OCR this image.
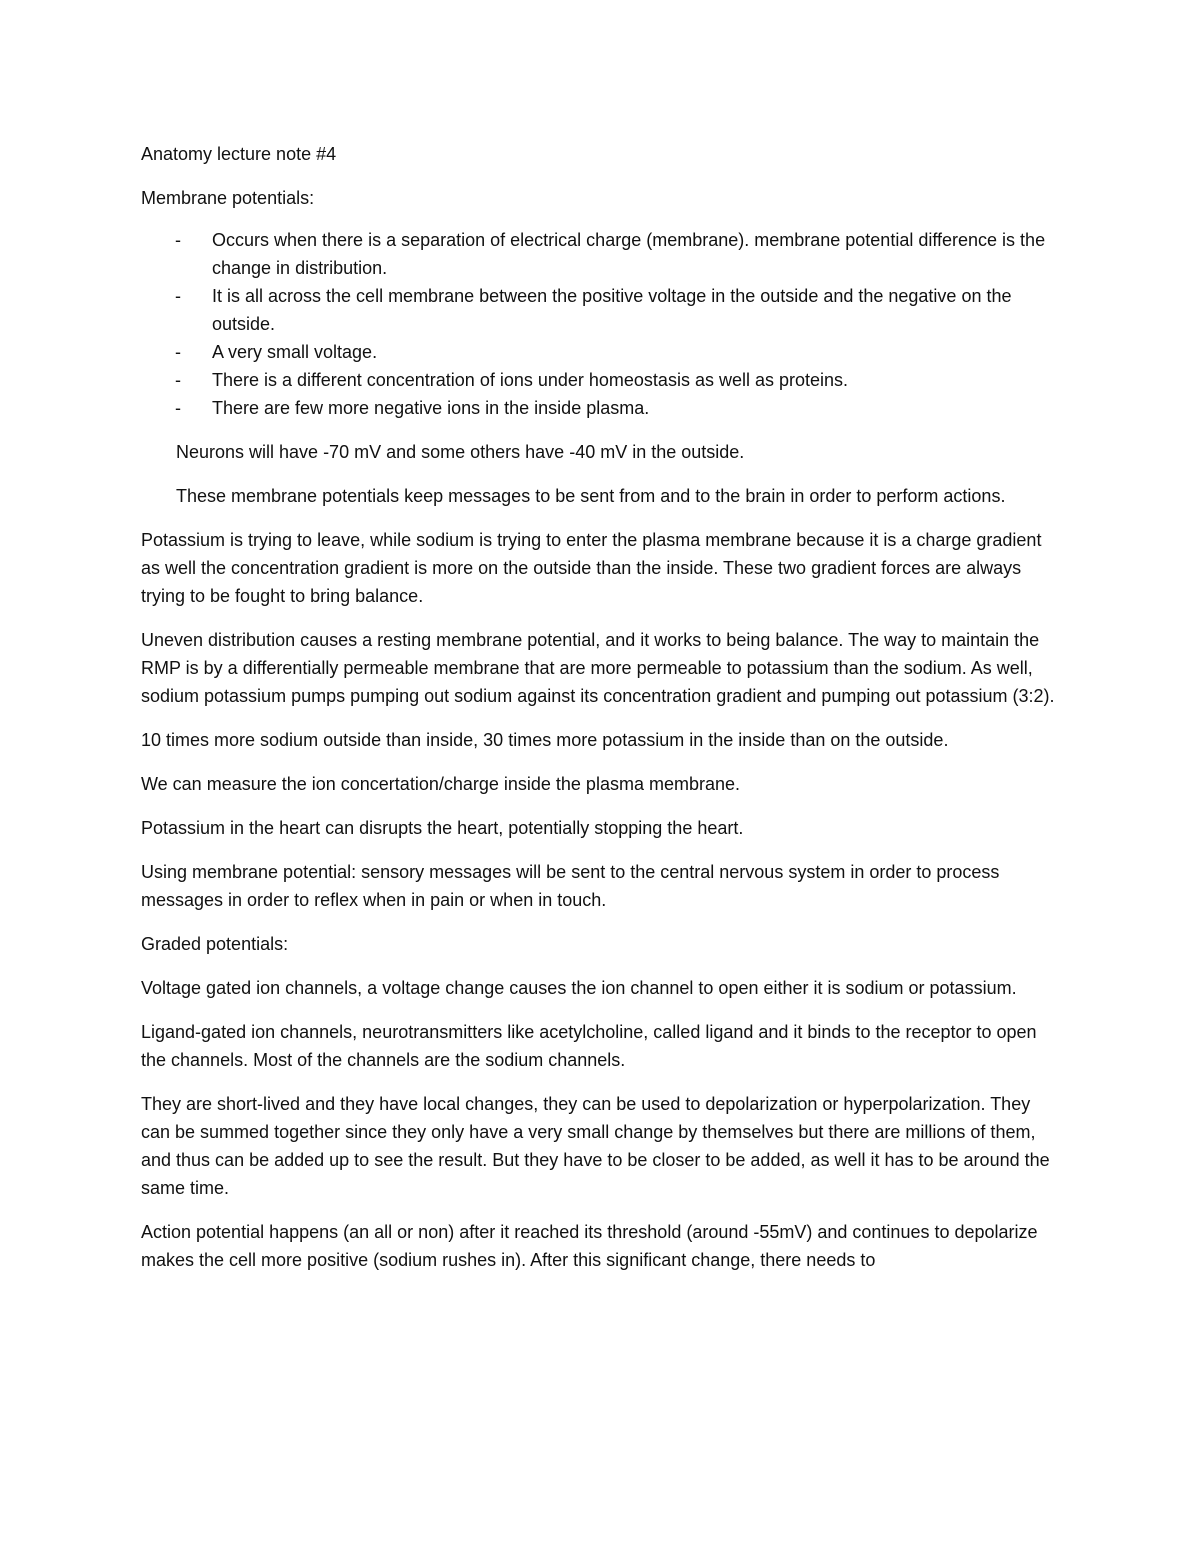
Anatomy lecture note #4

Membrane potentials:

- Occurs when there is a separation of electrical charge (membrane). membrane potential difference is the change in distribution.
- It is all across the cell membrane between the positive voltage in the outside and the negative on the outside.
- A very small voltage.
- There is a different concentration of ions under homeostasis as well as proteins.
- There are few more negative ions in the inside plasma.

Neurons will have -70 mV and some others have -40 mV in the outside.

These membrane potentials keep messages to be sent from and to the brain in order to perform actions.

Potassium is trying to leave, while sodium is trying to enter the plasma membrane because it is a charge gradient as well the concentration gradient is more on the outside than the inside. These two gradient forces are always trying to be fought to bring balance.

Uneven distribution causes a resting membrane potential, and it works to being balance. The way to maintain the RMP is by a differentially permeable membrane that are more permeable to potassium than the sodium. As well, sodium potassium pumps pumping out sodium against its concentration gradient and pumping out potassium (3:2).

10 times more sodium outside than inside, 30 times more potassium in the inside than on the outside.

We can measure the ion concertation/charge inside the plasma membrane.

Potassium in the heart can disrupts the heart, potentially stopping the heart.

Using membrane potential: sensory messages will be sent to the central nervous system in order to process messages in order to reflex when in pain or when in touch.

Graded potentials:

Voltage gated ion channels, a voltage change causes the ion channel to open either it is sodium or potassium.

Ligand-gated ion channels, neurotransmitters like acetylcholine, called ligand and it binds to the receptor to open the channels. Most of the channels are the sodium channels.

They are short-lived and they have local changes, they can be used to depolarization or hyperpolarization. They can be summed together since they only have a very small change by themselves but there are millions of them, and thus can be added up to see the result. But they have to be closer to be added, as well it has to be around the same time.

Action potential happens (an all or non) after it reached its threshold (around -55mV) and continues to depolarize makes the cell more positive (sodium rushes in). After this significant change, there needs to
